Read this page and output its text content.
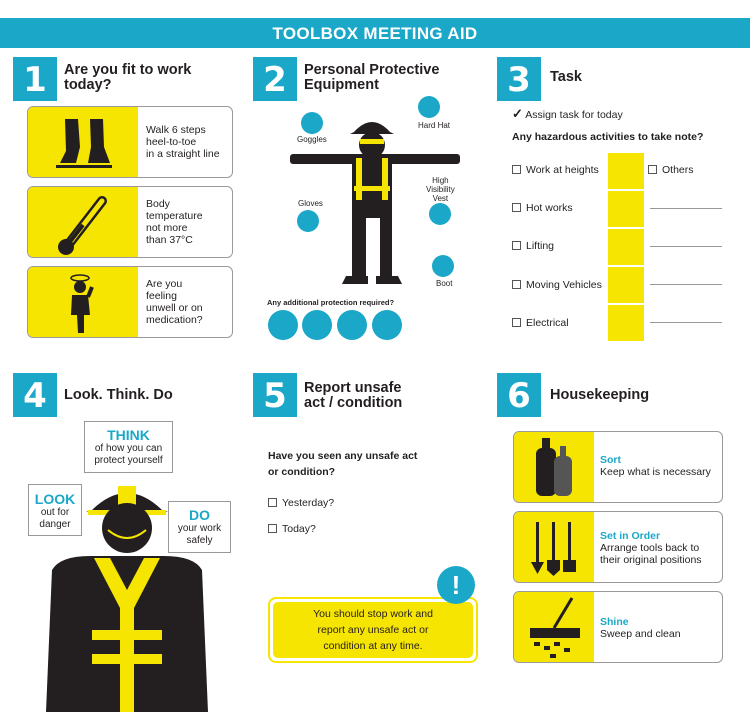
TOOLBOX MEETING AID
1	Are you fit to work
today?
Walk 6 steps
heel-to-toe
in a straight line
Body
temperature
not more
than 37°C
Are you
feeling
unwell or on
medication?
2	Personal Protective
Equipment
Goggles
Hard Hat
High
Visibility
Vest
Gloves
Boot
Any additional protection required?
3	Task
✓ Assign task for today
Any hazardous activities to take note?
Work at heights
Hot works
Lifting
Moving Vehicles
Electrical
Others
4	Look. Think. Do
THINK
of how you can
protect yourself
LOOK
out for
danger
DO
your work
safely
5	Report unsafe
act / condition
Have you seen any unsafe act
or condition?
Yesterday?
Today?
You should stop work and
report any unsafe act or
condition at any time.
!
6	Housekeeping
Sort
Keep what is necessary
Set in Order
Arrange tools back to
their original positions
Shine
Sweep and clean
